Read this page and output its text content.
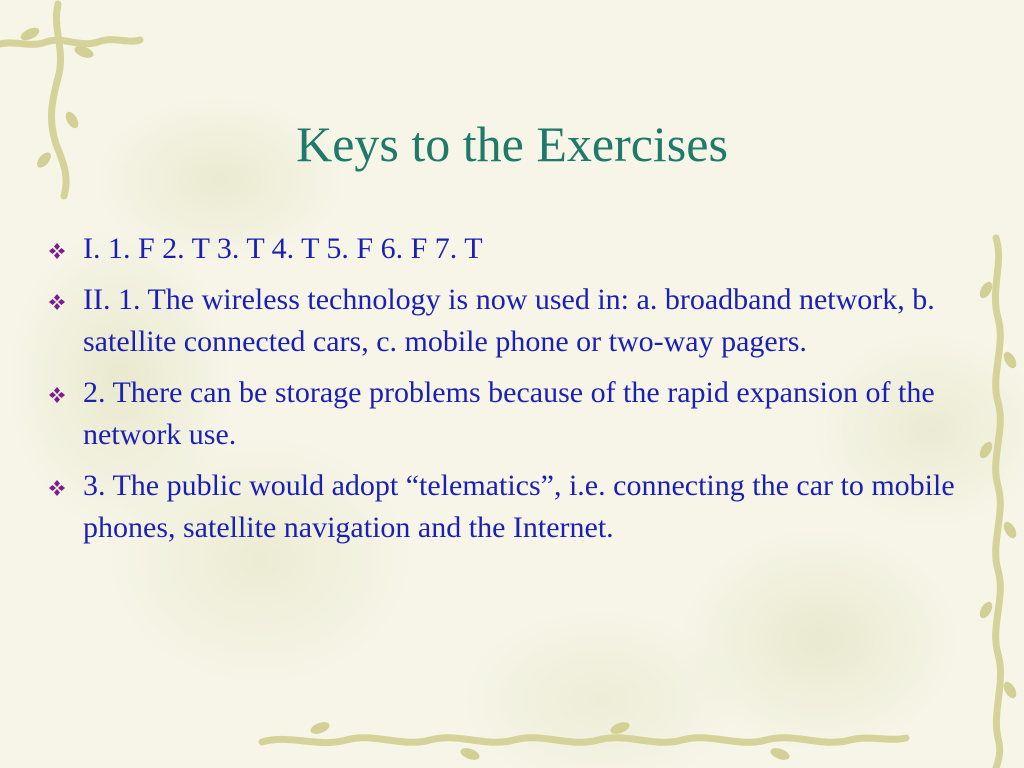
Keys to the Exercises
I. 1. F 2. T 3. T 4. T 5. F 6. F 7. T
II. 1. The wireless technology is now used in: a. broadband network, b. satellite connected cars, c. mobile phone or two-way pagers.
2. There can be storage problems because of the rapid expansion of the network use.
3. The public would adopt “telematics”, i.e. connecting the car to mobile phones, satellite navigation and the Internet.
